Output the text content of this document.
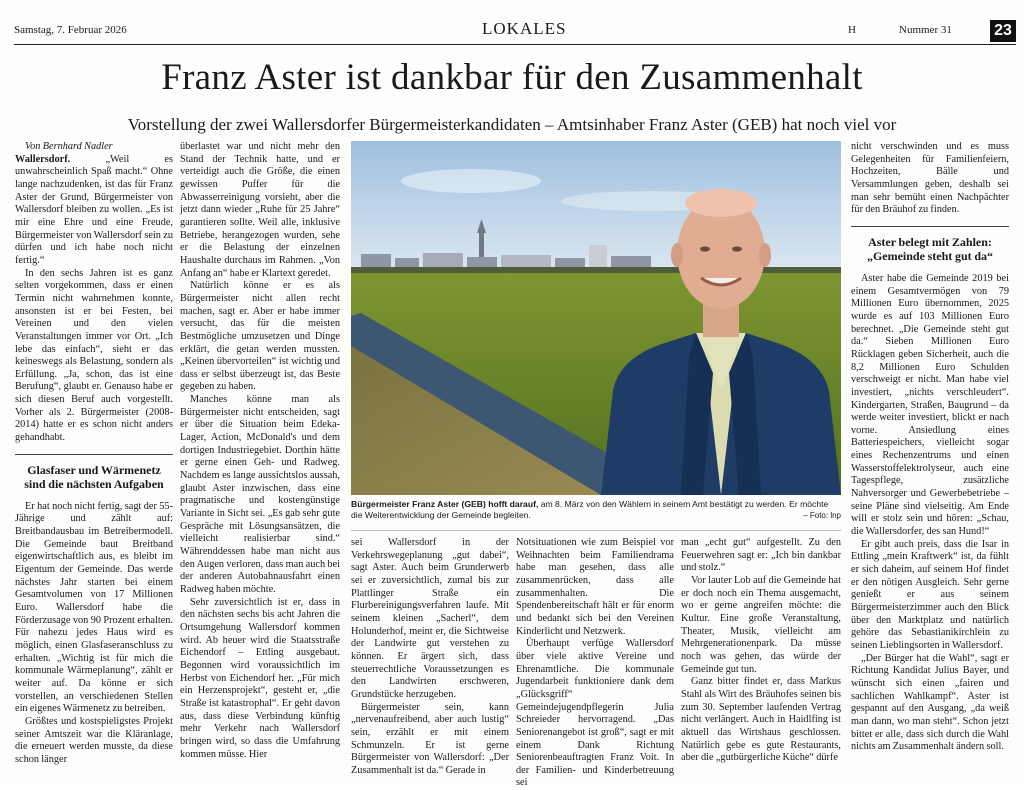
Samstag, 7. Februar 2026	LOKALES	H	Nummer 31	23
Franz Aster ist dankbar für den Zusammenhalt
Vorstellung der zwei Wallersdorfer Bürgermeisterkandidaten – Amtsinhaber Franz Aster (GEB) hat noch viel vor

Von Bernhard Nadler

Wallersdorf.	„Weil es unwahrscheinlich Spaß macht.“ Ohne lange nachzudenken, ist das für Franz Aster der Grund, Bürgermeister von Wallersdorf bleiben zu wollen. „Es ist mir eine Ehre und eine Freude, Bürgermeister von Wallersdorf sein zu dürfen und ich habe noch nicht fertig.“

In den sechs Jahren ist es ganz selten vorgekommen, dass er einen Termin nicht wahrnehmen konnte, ansonsten ist er bei Festen, bei Vereinen und den vielen Veranstaltungen immer vor Ort. „Ich lebe das einfach“, sieht er das keineswegs als Belastung, sondern als Erfüllung. „Ja, schon, das ist eine Berufung“, glaubt er. Genauso habe er sich diesen Beruf auch vorgestellt. Vorher als 2. Bürgermeister (2008-2014) hatte er es schon nicht anders gehandhabt.

Glasfaser und Wärmenetz
sind die nächsten Aufgaben

Er hat noch nicht fertig, sagt der 55-Jährige und zählt auf: Breitbandausbau im Betreibermodell. Die Gemeinde baut Breitband eigenwirtschaftlich aus, es bleibt im Eigentum der Gemeinde. Das werde nächstes Jahr starten bei einem Gesamtvolumen von 17 Millionen Euro. Wallersdorf habe die Förderzusage von 90 Prozent erhalten. Für nahezu jedes Haus wird es möglich, einen Glasfaseranschluss zu erhalten. „Wichtig ist für mich die kommunale Wärmeplanung“, zählt er weiter auf. Da könne er sich vorstellen, an verschiedenen Stellen ein eigenes Wärmenetz zu betreiben.

Größtes und kostspieligstes Projekt seiner Amtszeit war die Kläranlage, die erneuert werden musste, da diese schon länger

überlastet war und nicht mehr den Stand der Technik hatte, und er verteidigt auch die Größe, die einen gewissen Puffer für die Abwasserreinigung vorsieht, aber die jetzt dann wieder „Ruhe für 25 Jahre“ garantieren sollte. Weil alle, inklusive Betriebe, herangezogen wurden, sehe er die Belastung der einzelnen Haushalte durchaus im Rahmen. „Von Anfang an“ habe er Klartext geredet.

Natürlich könne er es als Bürgermeister nicht allen recht machen, sagt er. Aber er habe immer versucht, das für die meisten Bestmögliche umzusetzen und Dinge erklärt, die getan werden mussten. „Keinen übervorteilen“ ist wichtig und dass er selbst überzeugt ist, das Beste gegeben zu haben.

Manches könne man als Bürgermeister nicht entscheiden, sagt er über die Situation beim Edeka-Lager, Action, McDonald's und dem dortigen Industriegebiet. Dorthin hätte er gerne einen Geh- und Radweg. Nachdem es lange aussichtslos aussah, glaubt Aster inzwischen, dass eine pragmatische und kostengünstige Variante in Sicht sei. „Es gab sehr gute Gespräche mit Lösungsansätzen, die vielleicht realisierbar sind.“ Währenddessen habe man nicht aus den Augen verloren, dass man auch bei der anderen Autobahnausfahrt einen Radweg haben möchte.

Sehr zuversichtlich ist er, dass in den nächsten sechs bis acht Jahren die Ortsumgehung Wallersdorf kommen wird. Ab heuer wird die Staatsstraße Eichendorf – Ettling ausgebaut. Begonnen wird voraussichtlich im Herbst von Eichendorf her. „Für mich ein Herzensprojekt“, gesteht er, „die Straße ist katastrophal“. Er geht davon aus, dass diese Verbindung künftig mehr Verkehr nach Wallersdorf bringen wird, so dass die Umfahrung kommen müsse. Hier

Bürgermeister Franz Aster (GEB) hofft darauf, am 8. März von den Wählern in seinem Amt bestätigt zu werden. Er möchte die Weiterentwicklung der Gemeinde begleiten.	– Foto: lnp

sei Wallersdorf in der Verkehrswegeplanung „gut dabei“, sagt Aster. Auch beim Grunderwerb sei er zuversichtlich, zumal bis zur Plattlinger Straße ein Flurbereinigungsverfahren laufe. Mit seinem kleinen „Sacherl“, dem Holunderhof, meint er, die Sichtweise der Landwirte gut verstehen zu können. Er ärgert sich, dass steuerrechtliche Voraussetzungen es den Landwirten erschweren, Grundstücke herzugeben.

Bürgermeister sein, kann „nervenaufreibend, aber auch lustig“ sein, erzählt er mit einem Schmunzeln. Er ist gerne Bürgermeister von Wallersdorf: „Der Zusammenhalt ist da.“ Gerade in

Notsituationen wie zum Beispiel vor Weihnachten beim Familiendrama habe man gesehen, dass alle zusammenrücken, dass alle zusammenhalten. Die Spendenbereitschaft hält er für enorm und bedankt sich bei den Vereinen Kinderlicht und Netzwerk.

Überhaupt verfüge Wallersdorf über viele aktive Vereine und Ehrenamtliche. Die kommunale Jugendarbeit funktioniere dank dem „Glücksgriff“ Gemeindejugendpflegerin Julia Schreieder hervorragend. „Das Seniorenangebot ist groß“, sagt er mit einem Dank Richtung Seniorenbeauftragten Franz Voit. In der Familien- und Kinderbetreuung sei

man „echt gut“ aufgestellt. Zu den Feuerwehren sagt er: „Ich bin dankbar und stolz.“

Vor lauter Lob auf die Gemeinde hat er doch noch ein Thema ausgemacht, wo er gerne angreifen möchte: die Kultur. Eine große Veranstaltung, Theater, Musik, vielleicht am Mehrgenerationenpark. Da müsse noch was gehen, das würde der Gemeinde gut tun.

Ganz bitter findet er, dass Markus Stahl als Wirt des Bräuhofes seinen bis zum 30. September laufenden Vertrag nicht verlängert. Auch in Haidlfing ist aktuell das Wirtshaus geschlossen. Natürlich gebe es gute Restaurants, aber die „gutbürgerliche Küche“ dürfe

nicht verschwinden und es muss Gelegenheiten für Familienfeiern, Hochzeiten, Bälle und Versammlungen geben, deshalb sei man sehr bemüht einen Nachpächter für den Bräuhof zu finden.

Aster belegt mit Zahlen:
„Gemeinde steht gut da“

Aster habe die Gemeinde 2019 bei einem Gesamtvermögen von 79 Millionen Euro übernommen, 2025 wurde es auf 103 Millionen Euro berechnet. „Die Gemeinde steht gut da.“ Sieben Millionen Euro Rücklagen geben Sicherheit, auch die 8,2 Millionen Euro Schulden verschweigt er nicht. Man habe viel investiert, „nichts verschleudert“. Kindergarten, Straßen, Baugrund – da werde weiter investiert, blickt er nach vorne. Ansiedlung eines Batteriespeichers, vielleicht sogar eines Rechenzentrums und einen Wasserstoffelektrolyseur, auch eine Tagespflege, zusätzliche Nahversorger und Gewerbebetriebe – seine Pläne sind vielseitig. Am Ende will er stolz sein und hören: „Schau, die Wallersdorfer, des san Hund!“

Er gibt auch preis, dass die Isar in Ettling „mein Kraftwerk“ ist, da fühlt er sich daheim, auf seinem Hof findet er den nötigen Ausgleich. Sehr gerne genießt er aus seinem Bürgermeisterzimmer auch den Blick über den Marktplatz und natürlich gehöre das Sebastianikirchlein zu seinen Lieblingsorten in Wallersdorf.

„Der Bürger hat die Wahl“, sagt er Richtung Kandidat Julius Bayer, und wünscht sich einen „fairen und sachlichen Wahlkampf“. Aster ist gespannt auf den Ausgang, „da weiß man dann, wo man steht“. Schon jetzt bittet er alle, dass sich durch die Wahl nichts am Zusammenhalt ändern soll.
